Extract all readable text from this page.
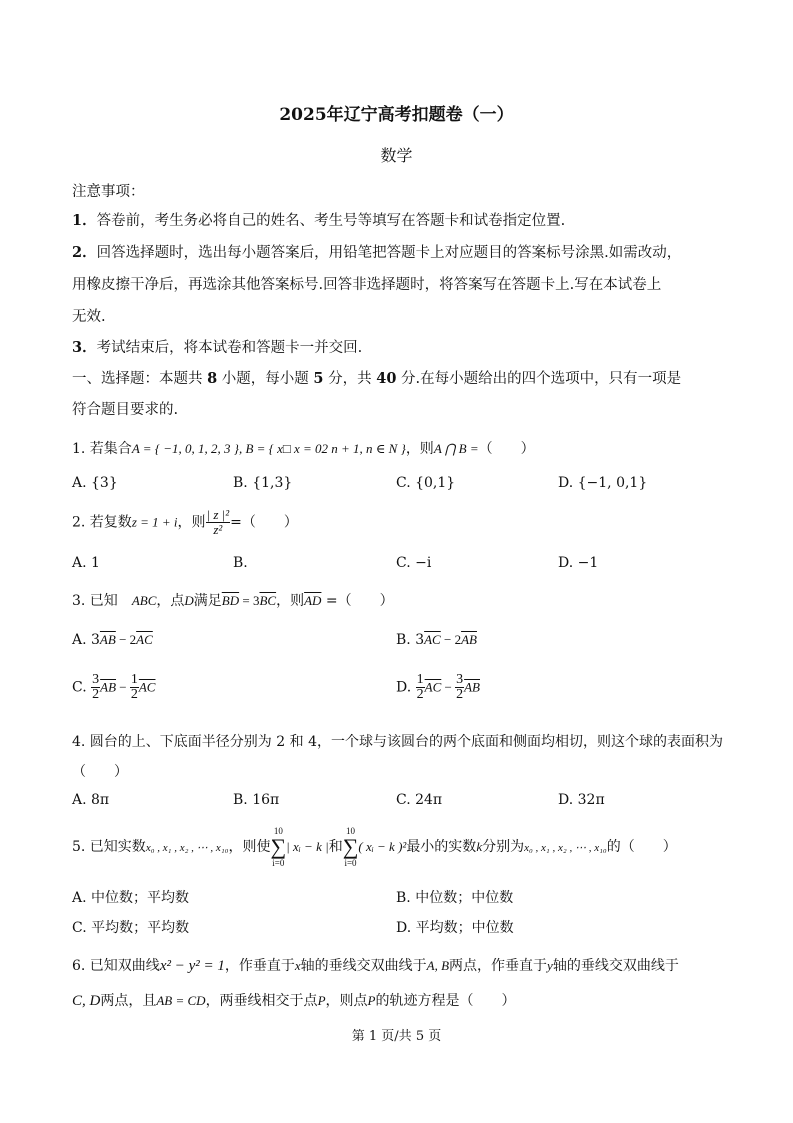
2025年辽宁高考扣题卷（一）
数学
注意事项：
1．答卷前，考生务必将自己的姓名、考生号等填写在答题卡和试卷指定位置.
2．回答选择题时，选出每小题答案后，用铅笔把答题卡上对应题目的答案标号涂黑.如需改动，
用橡皮擦干净后，再选涂其他答案标号.回答非选择题时，将答案写在答题卡上.写在本试卷上
无效.
3．考试结束后，将本试卷和答题卡一并交回.
一、选择题：本题共 8 小题，每小题 5 分，共 40 分.在每小题给出的四个选项中，只有一项是
符合题目要求的.
1. 若集合A = { −1, 0, 1, 2, 3 }, B = { x□ x = 02 n + 1, n ∈ N }，则A ⋂ B =（　　）
A. {3}	B. {1,3}	C. {0,1}	D. {−1, 0,1}
2. 若复数z = 1 + i，则 $\frac{\text{| z |²}}{\text{z²}}$ =（　　）
A. 1	B.	C. −i	D. −1
3. 已知 ABC，点D满足$\overline{BD} = 3\overline{BC}$，则$\overline{AD}$ =（　　）
A. $3\overline{AB} - 2\overline{AC}$	B. $3\overline{AC} - 2\overline{AB}$
C. $\frac{3}{2} \overline{AB} - \frac{1}{2} \overline{AC}$	D. $\frac{1}{2} \overline{AC} - \frac{3}{2} \overline{AB}$
4. 圆台的上、下底面半径分别为 2 和 4，一个球与该圆台的两个底面和侧面均相切，则这个球的表面积为
（　　）
A. 8π	B. 16π	C. 24π	D. 32π
5. 已知实数x₀ , x₁ , x₂ , ⋯ , x₁₀，则使
10
∑
i=0
| xᵢ − k |和
10
∑
i=0
( xᵢ − k )²最小的实数k分别为x₀ , x₁ , x₂ , ⋯ , x₁₀的（　　）
A. 中位数；平均数	B. 中位数；中位数
C. 平均数；平均数	D. 平均数；中位数
6. 已知双曲线x² − y² = 1，作垂直于x轴的垂线交双曲线于A, B两点，作垂直于y轴的垂线交双曲线于
C, D两点，且AB = CD，两垂线相交于点P，则点P的轨迹方程是（　　）
第 1 页/共 5 页
